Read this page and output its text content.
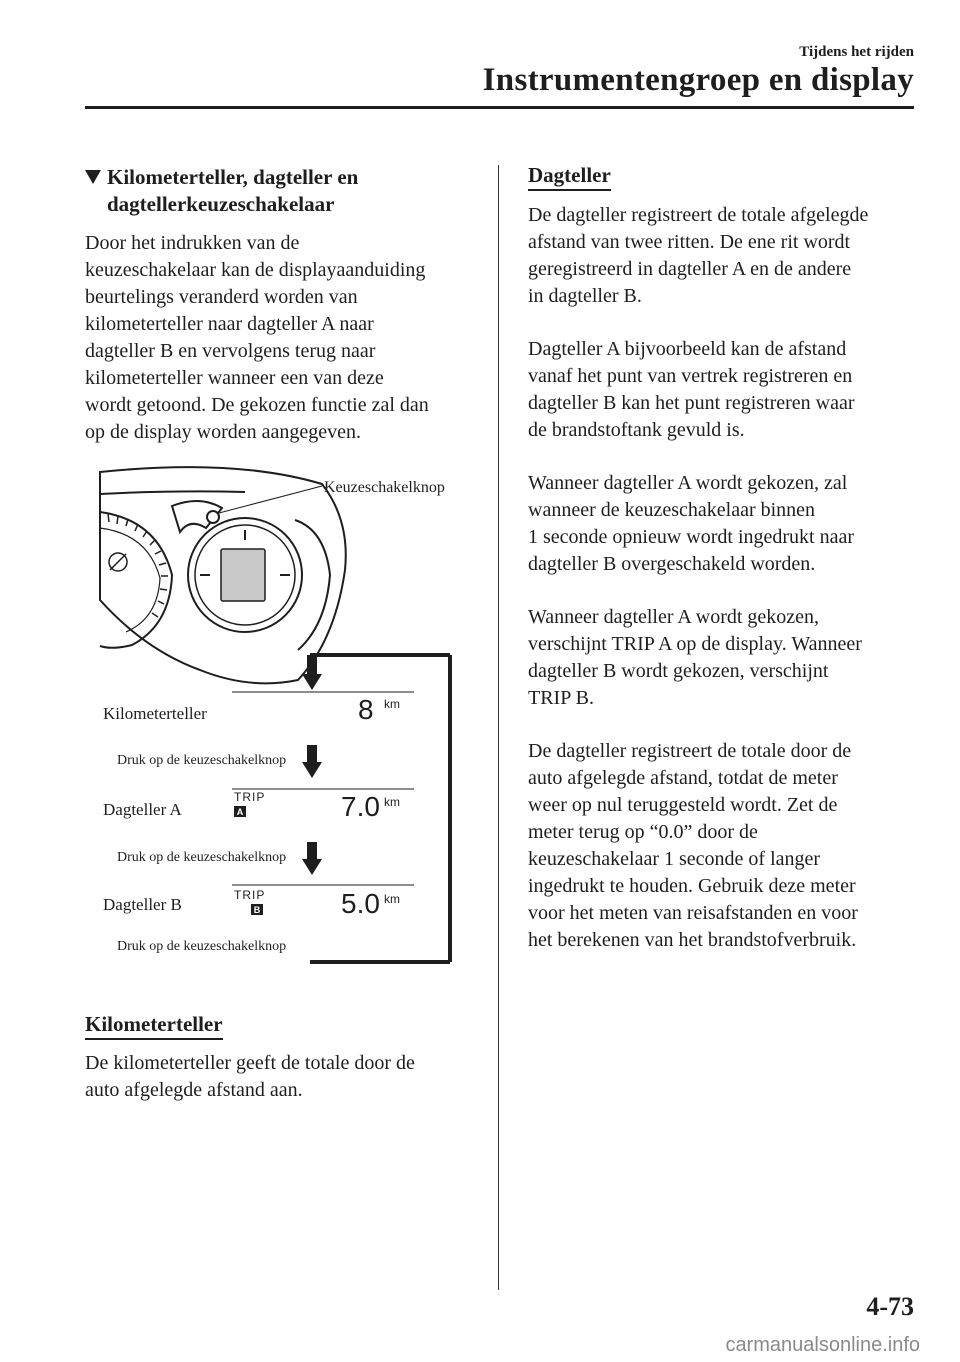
Tijdens het rijden
Instrumentengroep en display
Kilometerteller, dagteller en
dagtellerkeuzeschakelaar
Door het indrukken van de
keuzeschakelaar kan de displayaanduiding
beurtelings veranderd worden van
kilometerteller naar dagteller A naar
dagteller B en vervolgens terug naar
kilometerteller wanneer een van deze
wordt getoond. De gekozen functie zal dan
op de display worden aangegeven.
Keuzeschakelknop
Kilometerteller
Dagteller A
Dagteller B
Druk op de keuzeschakelknop
Druk op de keuzeschakelknop
Druk op de keuzeschakelknop
8 km
TRIP
A	7.0 km
TRIP
B	5.0 km
Kilometerteller
De kilometerteller geeft de totale door de
auto afgelegde afstand aan.
Dagteller
De dagteller registreert de totale afgelegde
afstand van twee ritten. De ene rit wordt
geregistreerd in dagteller A en de andere
in dagteller B.
Dagteller A bijvoorbeeld kan de afstand
vanaf het punt van vertrek registreren en
dagteller B kan het punt registreren waar
de brandstoftank gevuld is.
Wanneer dagteller A wordt gekozen, zal
wanneer de keuzeschakelaar binnen
1 seconde opnieuw wordt ingedrukt naar
dagteller B overgeschakeld worden.
Wanneer dagteller A wordt gekozen,
verschijnt TRIP A op de display. Wanneer
dagteller B wordt gekozen, verschijnt
TRIP B.
De dagteller registreert de totale door de
auto afgelegde afstand, totdat de meter
weer op nul teruggesteld wordt. Zet de
meter terug op “0.0” door de
keuzeschakelaar 1 seconde of langer
ingedrukt te houden. Gebruik deze meter
voor het meten van reisafstanden en voor
het berekenen van het brandstofverbruik.
4-73
carmanualsonline.info
